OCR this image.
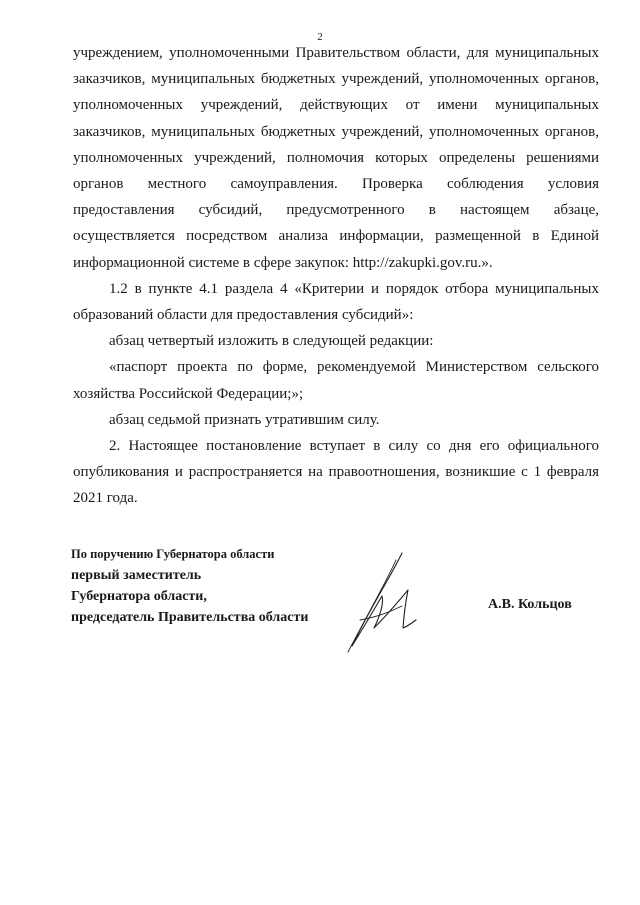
2

учреждением, уполномоченными Правительством области, для муниципальных заказчиков, муниципальных бюджетных учреждений, уполномоченных органов, уполномоченных учреждений, действующих от имени муниципальных заказчиков, муниципальных бюджетных учреждений, уполномоченных органов, уполномоченных учреждений, полномочия которых определены решениями органов местного самоуправления. Проверка соблюдения условия предоставления субсидий, предусмотренного в настоящем абзаце, осуществляется посредством анализа информации, размещенной в Единой информационной системе в сфере закупок: http://zakupki.gov.ru.».

1.2 в пункте 4.1 раздела 4 «Критерии и порядок отбора муниципальных образований области для предоставления субсидий»:

абзац четвертый изложить в следующей редакции:

«паспорт проекта по форме, рекомендуемой Министерством сельского хозяйства Российской Федерации;»;

абзац седьмой признать утратившим силу.

2. Настоящее постановление вступает в силу со дня его официального опубликования и распространяется на правоотношения, возникшие с 1 февраля 2021 года.

По поручению Губернатора области
первый заместитель
Губернатора области,
председатель Правительства области
А.В. Кольцов
· · · ·
